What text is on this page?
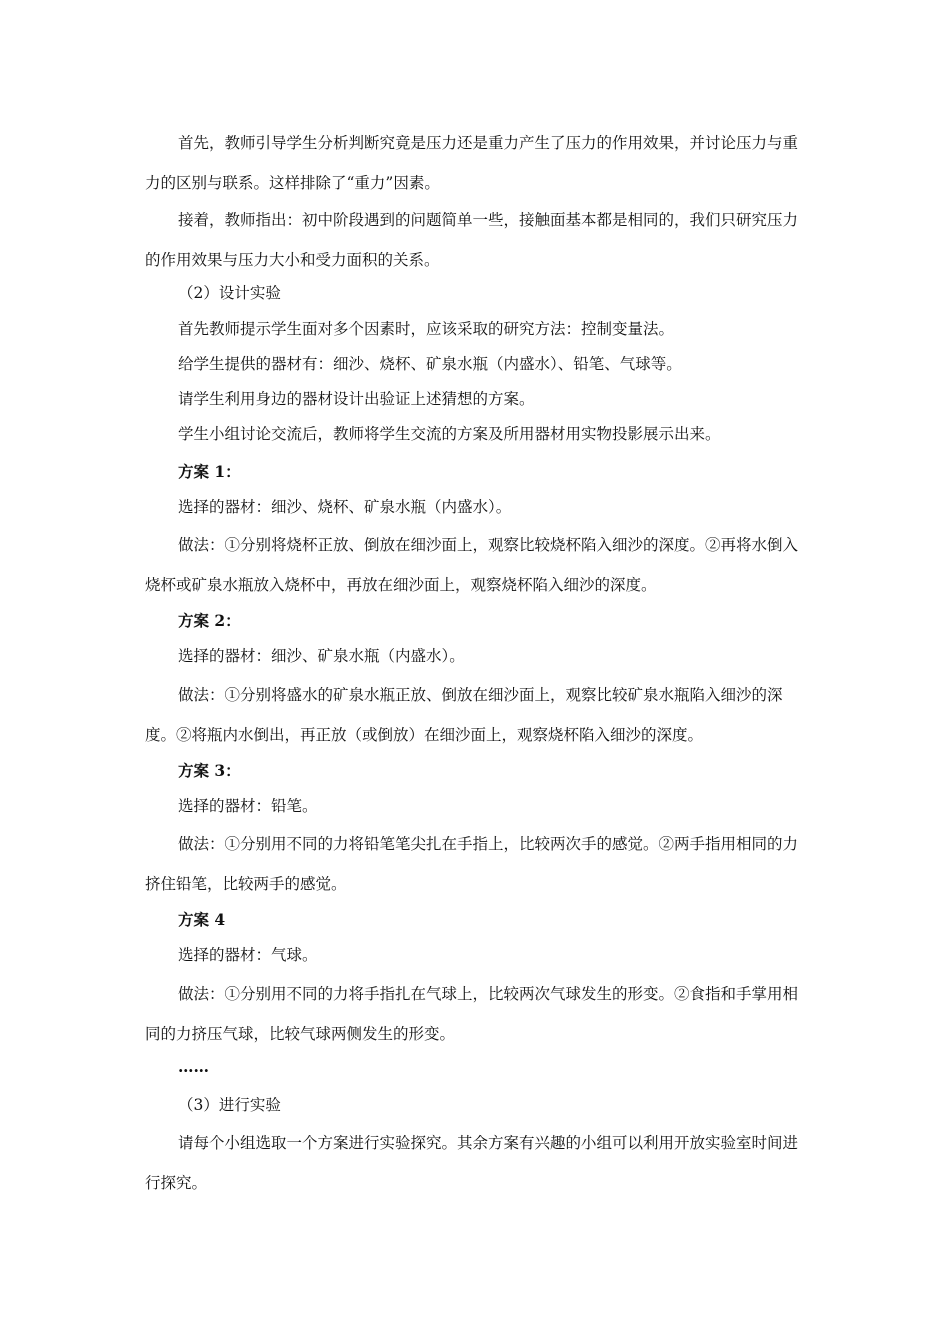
首先，教师引导学生分析判断究竟是压力还是重力产生了压力的作用效果，并讨论压力与重力的区别与联系。这样排除了“重力”因素。

接着，教师指出：初中阶段遇到的问题简单一些，接触面基本都是相同的，我们只研究压力的作用效果与压力大小和受力面积的关系。

（2）设计实验

首先教师提示学生面对多个因素时，应该采取的研究方法：控制变量法。

给学生提供的器材有：细沙、烧杯、矿泉水瓶（内盛水）、铅笔、气球等。

请学生利用身边的器材设计出验证上述猜想的方案。

学生小组讨论交流后，教师将学生交流的方案及所用器材用实物投影展示出来。

方案 1：

选择的器材：细沙、烧杯、矿泉水瓶（内盛水）。

做法：①分别将烧杯正放、倒放在细沙面上，观察比较烧杯陷入细沙的深度。②再将水倒入烧杯或矿泉水瓶放入烧杯中，再放在细沙面上，观察烧杯陷入细沙的深度。

方案 2：

选择的器材：细沙、矿泉水瓶（内盛水）。

做法：①分别将盛水的矿泉水瓶正放、倒放在细沙面上，观察比较矿泉水瓶陷入细沙的深度。②将瓶内水倒出，再正放（或倒放）在细沙面上，观察烧杯陷入细沙的深度。

方案 3：

选择的器材：铅笔。

做法：①分别用不同的力将铅笔笔尖扎在手指上，比较两次手的感觉。②两手指用相同的力挤住铅笔，比较两手的感觉。

方案 4

选择的器材：气球。

做法：①分别用不同的力将手指扎在气球上，比较两次气球发生的形变。②食指和手掌用相同的力挤压气球，比较气球两侧发生的形变。

……

（3）进行实验

请每个小组选取一个方案进行实验探究。其余方案有兴趣的小组可以利用开放实验室时间进行探究。
